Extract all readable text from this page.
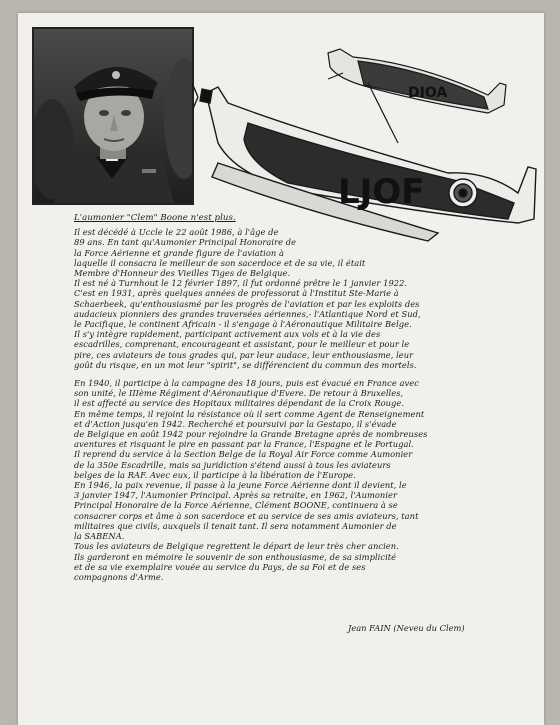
DIOA
LJOF
L'aumonier "Clem" Boone n'est plus.
Il est décédé à Uccle le 22 août 1986, à l'âge de
89 ans. En tant qu'Aumonier Principal Honoraire de
la Force Aérienne et grande figure de l'aviation à
laquelle il consacra le meilleur de son sacerdoce et de sa vie, il était
Membre d'Honneur des Vieilles Tiges de Belgique.
Il est né à Turnhout le 12 février 1897, il fut ordonné prêtre le 1 janvier 1922.
C'est en 1931, après quelques années de professorat à l'Institut Ste-Marie à
Schaerbeek, qu'enthousiasmé par les progrès de l'aviation et par les exploits des
audacieux pionniers des grandes traversées aériennes,- l'Atlantique Nord et Sud,
le Pacifique, le continent Africain - il s'engage à l'Aéronautique Militaire Belge.
Il s'y intègre rapidement, participant activement aux vols et à la vie des
escadrilles, comprenant, encourageant et assistant, pour le meilleur et pour le
pire, ces aviateurs de tous grades qui, par leur audace, leur enthousiasme, leur
goût du risque, en un mot leur "spirit", se différencient du commun des mortels.
En 1940, il participe à la campagne des 18 jours, puis est évacué en France avec
son unité, le IIIème Régiment d'Aéronautique d'Evere. De retour à Bruxelles,
il est affecté au service des Hopitaux militaires dépendant de la Croix Rouge.
En même temps, il rejoint la résistance où il sert comme Agent de Renseignement
et d'Action jusqu'en 1942. Recherché et poursuivi par la Gestapo, il s'évade
de Belgique en août 1942 pour rejoindre la Grande Bretagne après de nombreuses
aventures et risquant le pire en passant par la France, l'Espagne et le Portugal.
Il reprend du service à la Section Belge de la Royal Air Force comme Aumonier
de la 350e Escadrille, mais sa juridiction s'étend aussi à tous les aviateurs
belges de la RAF. Avec eux, il participe à la libération de l'Europe.
En 1946, la paix revenue, il passe à la jeune Force Aérienne dont il devient, le
3 janvier 1947, l'Aumonier Principal. Après sa retraite, en 1962, l'Aumonier
Principal Honoraire de la Force Aérienne, Clément BOONE, continuera à se
consacrer corps et âme à son sacerdoce et au service de ses amis aviateurs, tant
militaires que civils, auxquels il tenait tant. Il sera notamment Aumonier de
la SABENA.
Tous les aviateurs de Belgique regrettent le départ de leur très cher ancien.
Ils garderont en mémoire le souvenir de son enthousiasme, de sa simplicité
et de sa vie exemplaire vouée au service du Pays, de sa Foi et de ses
compagnons d'Arme.
Jean FAIN (Neveu du Clem)
